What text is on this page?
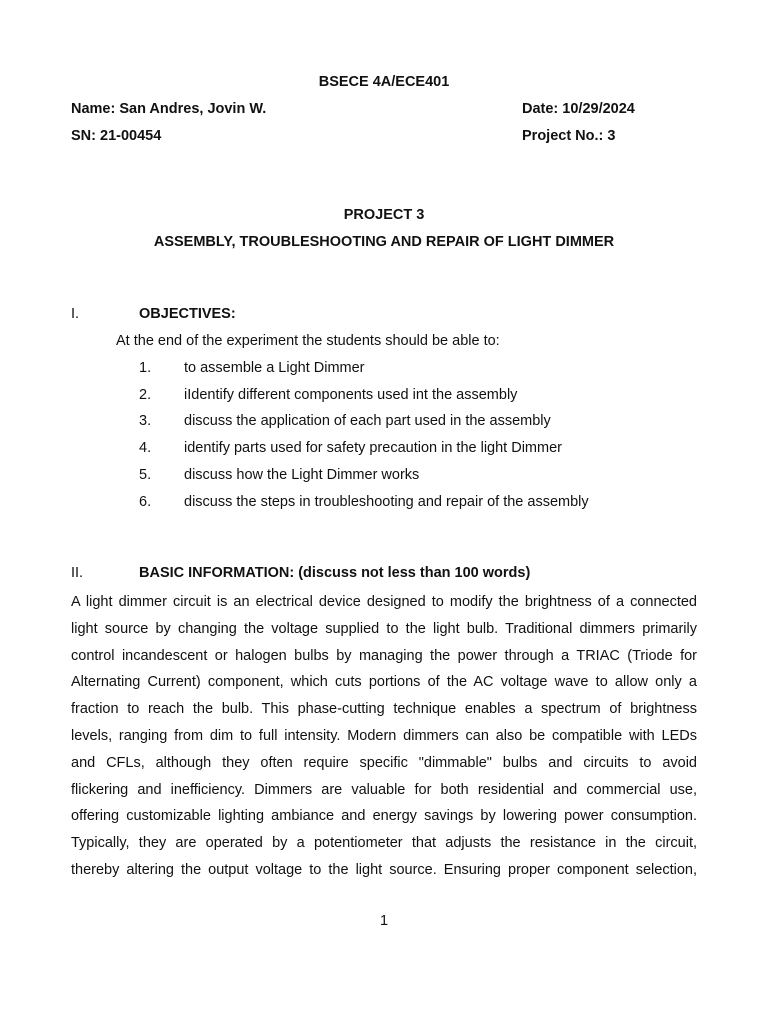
BSECE 4A/ECE401
Name: San Andres, Jovin W.	Date: 10/29/2024
SN: 21-00454	Project No.: 3
PROJECT 3
ASSEMBLY, TROUBLESHOOTING AND REPAIR OF LIGHT DIMMER
I.	OBJECTIVES:
At the end of the experiment the students should be able to:
1. to assemble a Light Dimmer
2. iIdentify different components used int the assembly
3. discuss the application of each part used in the assembly
4. identify parts used for safety precaution in the light Dimmer
5. discuss how the Light Dimmer works
6. discuss the steps in troubleshooting and repair of the assembly
II.	BASIC INFORMATION: (discuss not less than 100 words)
A light dimmer circuit is an electrical device designed to modify the brightness of a connected
light source by changing the voltage supplied to the light bulb. Traditional dimmers primarily
control incandescent or halogen bulbs by managing the power through a TRIAC (Triode for
Alternating Current) component, which cuts portions of the AC voltage wave to allow only a
fraction to reach the bulb. This phase-cutting technique enables a spectrum of brightness
levels, ranging from dim to full intensity. Modern dimmers can also be compatible with LEDs
and CFLs, although they often require specific "dimmable" bulbs and circuits to avoid
flickering and inefficiency. Dimmers are valuable for both residential and commercial use,
offering customizable lighting ambiance and energy savings by lowering power consumption.
Typically, they are operated by a potentiometer that adjusts the resistance in the circuit,
thereby altering the output voltage to the light source. Ensuring proper component selection,
1
